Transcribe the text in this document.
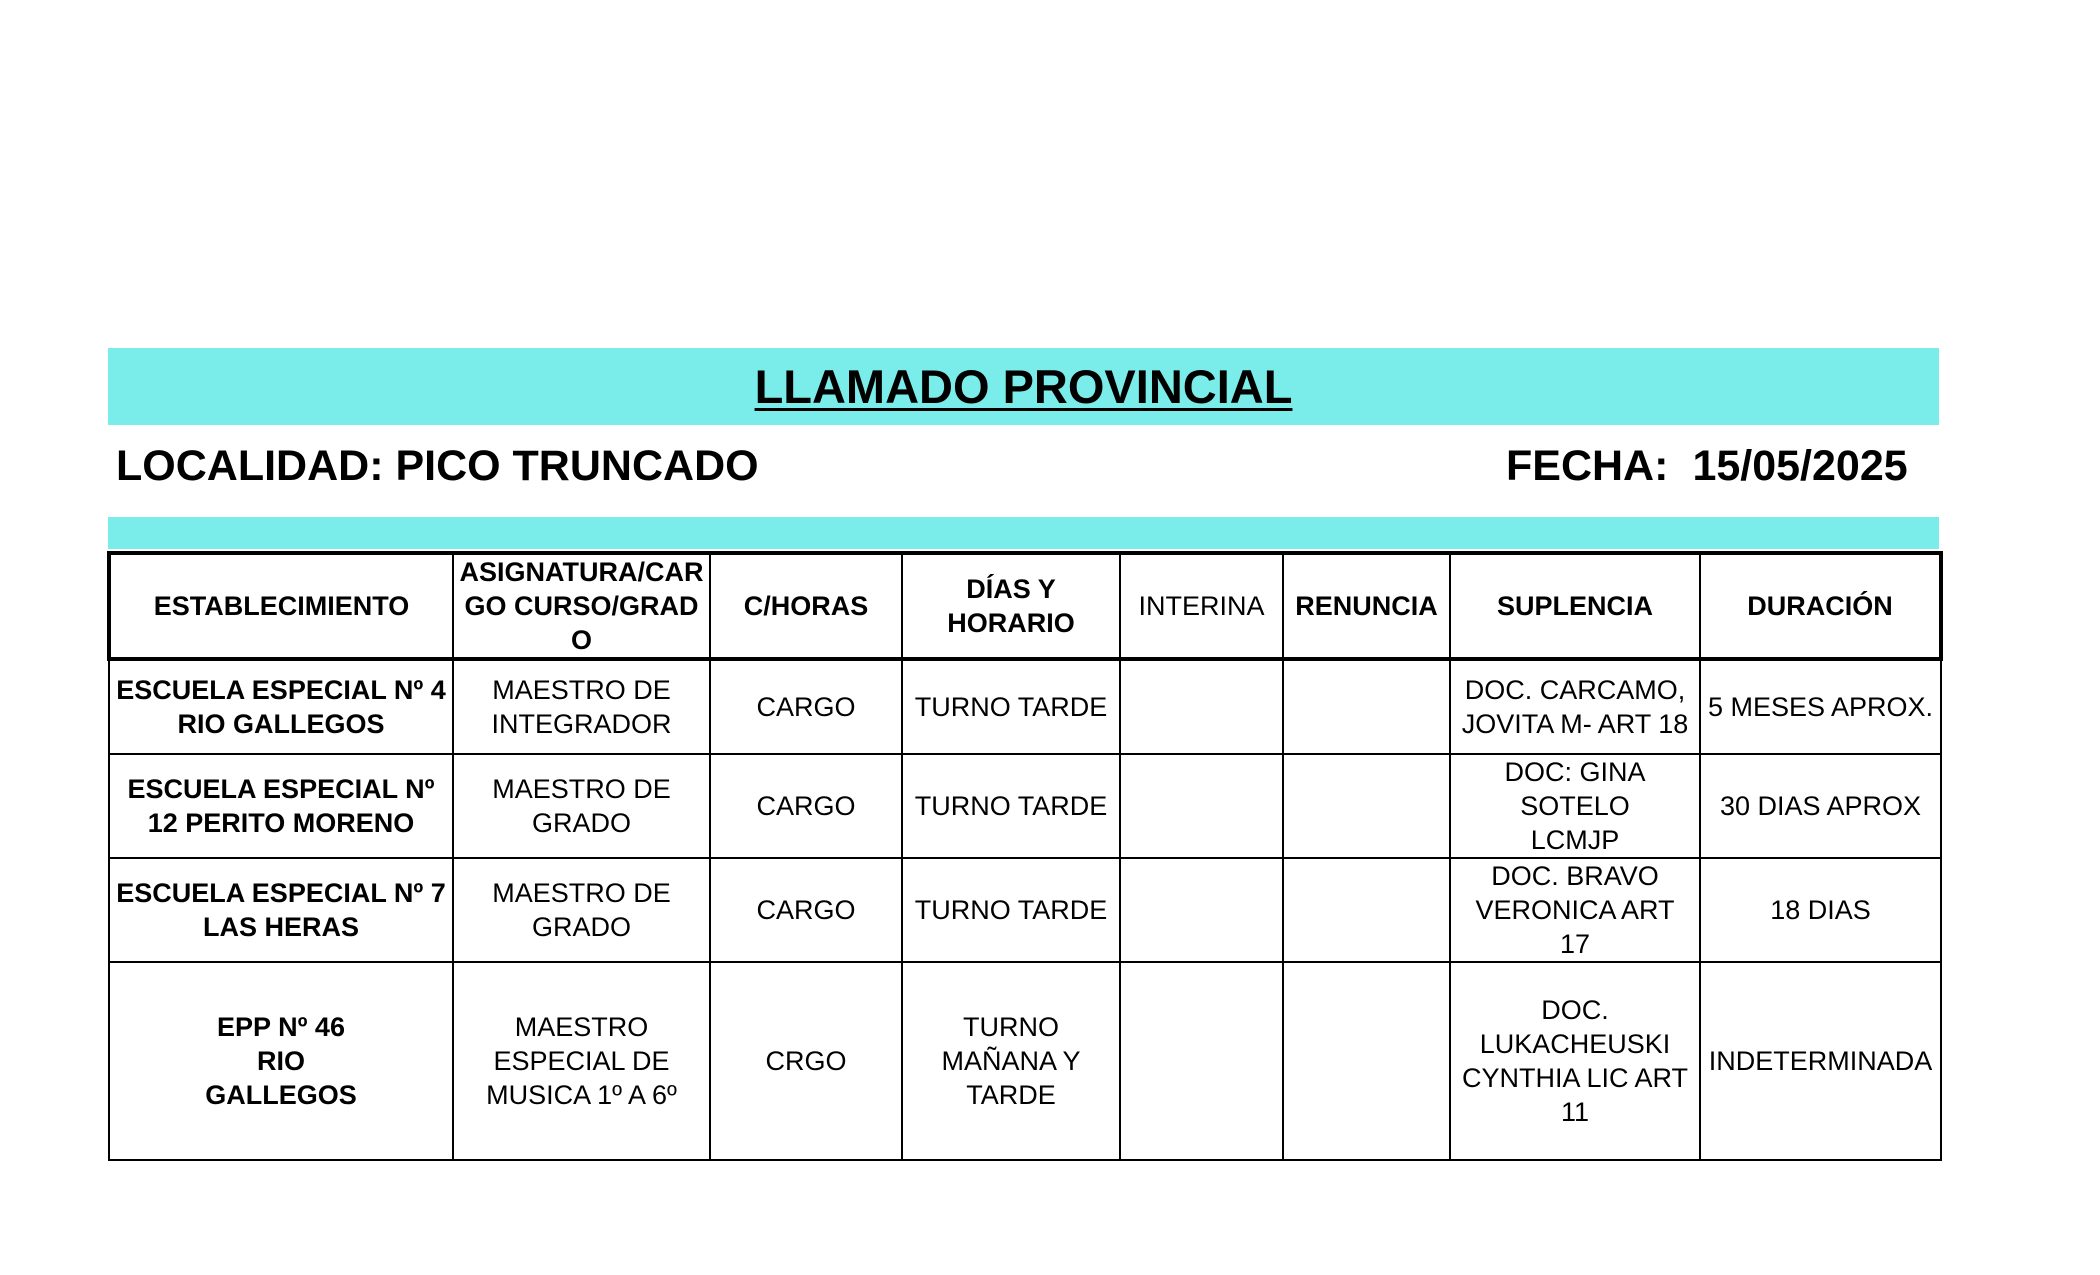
LLAMADO PROVINCIAL
LOCALIDAD: PICO TRUNCADO	FECHA: 15/05/2025
ESTABLECIMIENTO	ASIGNATURA/CARGO CURSO/GRADO	C/HORAS	DÍAS Y HORARIO	INTERINA	RENUNCIA	SUPLENCIA	DURACIÓN
ESCUELA ESPECIAL Nº 4 RIO GALLEGOS	MAESTRO DE INTEGRADOR	CARGO	TURNO TARDE			DOC. CARCAMO, JOVITA M- ART 18	5 MESES APROX.
ESCUELA ESPECIAL Nº 12 PERITO MORENO	MAESTRO DE GRADO	CARGO	TURNO TARDE			DOC: GINA SOTELO LCMJP	30 DIAS APROX
ESCUELA ESPECIAL Nº 7 LAS HERAS	MAESTRO DE GRADO	CARGO	TURNO TARDE			DOC. BRAVO VERONICA ART 17	18 DIAS
EPP Nº 46 RIO GALLEGOS	MAESTRO ESPECIAL DE MUSICA 1º A 6º	CRGO	TURNO MAÑANA Y TARDE			DOC. LUKACHEUSKI CYNTHIA LIC ART 11	INDETERMINADA
